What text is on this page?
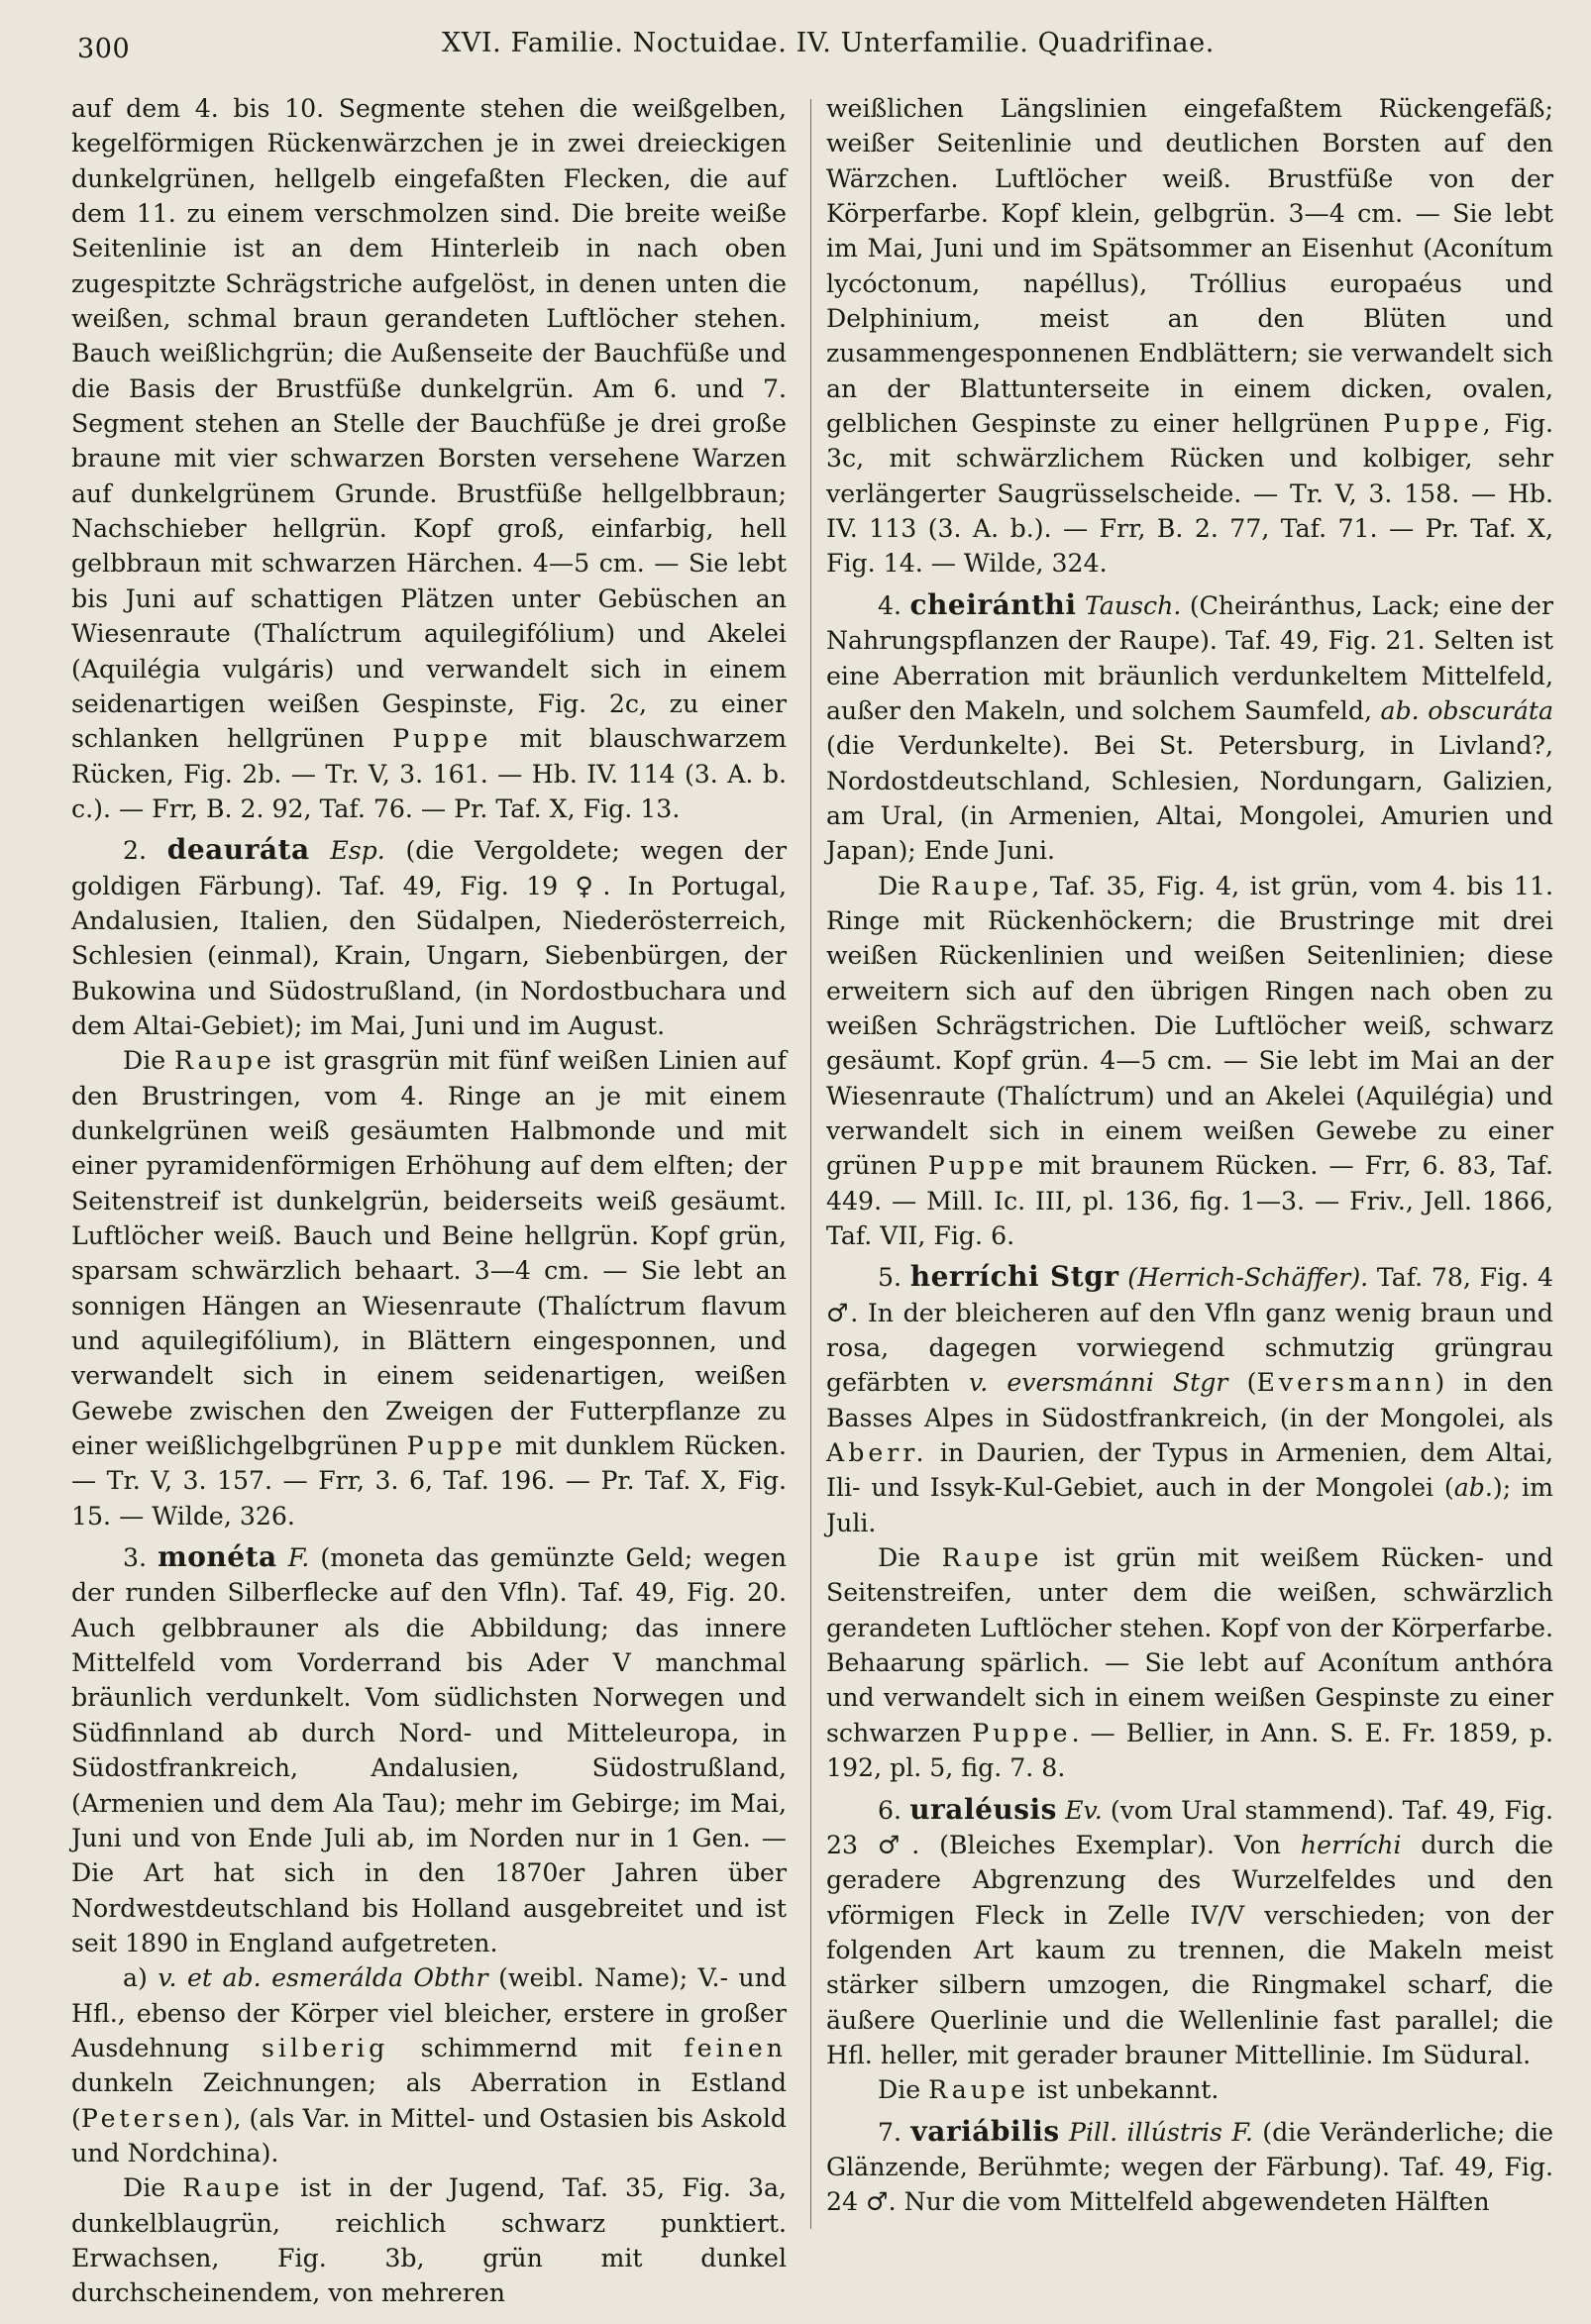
300	XVI. Familie. Noctuidae. IV. Unterfamilie. Quadrifinae.

auf dem 4. bis 10. Segmente stehen die weißgelben, kegelförmigen Rückenwärzchen je in zwei dreieckigen dunkelgrünen, hellgelb eingefaßten Flecken, die auf dem 11. zu einem verschmolzen sind. Die breite weiße Seitenlinie ist an dem Hinterleib in nach oben zugespitzte Schrägstriche aufgelöst, in denen unten die weißen, schmal braun gerandeten Luftlöcher stehen. Bauch weißlichgrün; die Außenseite der Bauchfüße und die Basis der Brustfüße dunkelgrün. Am 6. und 7. Segment stehen an Stelle der Bauchfüße je drei große braune mit vier schwarzen Borsten versehene Warzen auf dunkelgrünem Grunde. Brustfüße hellgelbbraun; Nachschieber hellgrün. Kopf groß, einfarbig, hell gelbbraun mit schwarzen Härchen. 4—5 cm. — Sie lebt bis Juni auf schattigen Plätzen unter Gebüschen an Wiesenraute (Thalíctrum aquilegifólium) und Akelei (Aquilégia vulgáris) und verwandelt sich in einem seidenartigen weißen Gespinste, Fig. 2c, zu einer schlanken hellgrünen Puppe mit blauschwarzem Rücken, Fig. 2b. — Tr. V, 3. 161. — Hb. IV. 114 (3. A. b. c.). — Frr, B. 2. 92, Taf. 76. — Pr. Taf. X, Fig. 13.

2. deauráta Esp. (die Vergoldete; wegen der goldigen Färbung). Taf. 49, Fig. 19 ♀. In Portugal, Andalusien, Italien, den Südalpen, Niederösterreich, Schlesien (einmal), Krain, Ungarn, Siebenbürgen, der Bukowina und Südostrußland, (in Nordostbuchara und dem Altai-Gebiet); im Mai, Juni und im August.

Die Raupe ist grasgrün mit fünf weißen Linien auf den Brustringen, vom 4. Ringe an je mit einem dunkelgrünen weiß gesäumten Halbmonde und mit einer pyramidenförmigen Erhöhung auf dem elften; der Seitenstreif ist dunkelgrün, beiderseits weiß gesäumt. Luftlöcher weiß. Bauch und Beine hellgrün. Kopf grün, sparsam schwärzlich behaart. 3—4 cm. — Sie lebt an sonnigen Hängen an Wiesenraute (Thalíctrum flavum und aquilegifólium), in Blättern eingesponnen, und verwandelt sich in einem seidenartigen, weißen Gewebe zwischen den Zweigen der Futterpflanze zu einer weißlichgelbgrünen Puppe mit dunklem Rücken. — Tr. V, 3. 157. — Frr, 3. 6, Taf. 196. — Pr. Taf. X, Fig. 15. — Wilde, 326.

3. monéta F. (moneta das gemünzte Geld; wegen der runden Silberflecke auf den Vfln). Taf. 49, Fig. 20. Auch gelbbrauner als die Abbildung; das innere Mittelfeld vom Vorderrand bis Ader V manchmal bräunlich verdunkelt. Vom südlichsten Norwegen und Südfinnland ab durch Nord- und Mitteleuropa, in Südostfrankreich, Andalusien, Südostrußland, (Armenien und dem Ala Tau); mehr im Gebirge; im Mai, Juni und von Ende Juli ab, im Norden nur in 1 Gen. — Die Art hat sich in den 1870er Jahren über Nordwestdeutschland bis Holland ausgebreitet und ist seit 1890 in England aufgetreten.

a) v. et ab. esmerálda Obthr (weibl. Name); V.- und Hfl., ebenso der Körper viel bleicher, erstere in großer Ausdehnung silberig schimmernd mit feinen dunkeln Zeichnungen; als Aberration in Estland (Petersen), (als Var. in Mittel- und Ostasien bis Askold und Nordchina).

Die Raupe ist in der Jugend, Taf. 35, Fig. 3a, dunkelblaugrün, reichlich schwarz punktiert. Erwachsen, Fig. 3b, grün mit dunkel durchscheinendem, von mehreren

weißlichen Längslinien eingefaßtem Rückengefäß; weißer Seitenlinie und deutlichen Borsten auf den Wärzchen. Luftlöcher weiß. Brustfüße von der Körperfarbe. Kopf klein, gelbgrün. 3—4 cm. — Sie lebt im Mai, Juni und im Spätsommer an Eisenhut (Aconítum lycóctonum, napéllus), Tróllius europaéus und Delphinium, meist an den Blüten und zusammengesponnenen Endblättern; sie verwandelt sich an der Blattunterseite in einem dicken, ovalen, gelblichen Gespinste zu einer hellgrünen Puppe, Fig. 3c, mit schwärzlichem Rücken und kolbiger, sehr verlängerter Saugrüsselscheide. — Tr. V, 3. 158. — Hb. IV. 113 (3. A. b.). — Frr, B. 2. 77, Taf. 71. — Pr. Taf. X, Fig. 14. — Wilde, 324.

4. cheiránthi Tausch. (Cheiránthus, Lack; eine der Nahrungspflanzen der Raupe). Taf. 49, Fig. 21. Selten ist eine Aberration mit bräunlich verdunkeltem Mittelfeld, außer den Makeln, und solchem Saumfeld, ab. obscuráta (die Verdunkelte). Bei St. Petersburg, in Livland?, Nordostdeutschland, Schlesien, Nordungarn, Galizien, am Ural, (in Armenien, Altai, Mongolei, Amurien und Japan); Ende Juni.

Die Raupe, Taf. 35, Fig. 4, ist grün, vom 4. bis 11. Ringe mit Rückenhöckern; die Brustringe mit drei weißen Rückenlinien und weißen Seitenlinien; diese erweitern sich auf den übrigen Ringen nach oben zu weißen Schrägstrichen. Die Luftlöcher weiß, schwarz gesäumt. Kopf grün. 4—5 cm. — Sie lebt im Mai an der Wiesenraute (Thalíctrum) und an Akelei (Aquilégia) und verwandelt sich in einem weißen Gewebe zu einer grünen Puppe mit braunem Rücken. — Frr, 6. 83, Taf. 449. — Mill. Ic. III, pl. 136, fig. 1—3. — Friv., Jell. 1866, Taf. VII, Fig. 6.

5. herríchi Stgr (Herrich-Schäffer). Taf. 78, Fig. 4 ♂. In der bleicheren auf den Vfln ganz wenig braun und rosa, dagegen vorwiegend schmutzig grüngrau gefärbten v. eversmánni Stgr (Eversmann) in den Basses Alpes in Südostfrankreich, (in der Mongolei, als Aberr. in Daurien, der Typus in Armenien, dem Altai, Ili- und Issyk-Kul-Gebiet, auch in der Mongolei (ab.); im Juli.

Die Raupe ist grün mit weißem Rücken- und Seitenstreifen, unter dem die weißen, schwärzlich gerandeten Luftlöcher stehen. Kopf von der Körperfarbe. Behaarung spärlich. — Sie lebt auf Aconítum anthóra und verwandelt sich in einem weißen Gespinste zu einer schwarzen Puppe. — Bellier, in Ann. S. E. Fr. 1859, p. 192, pl. 5, fig. 7. 8.

6. uraléusis Ev. (vom Ural stammend). Taf. 49, Fig. 23 ♂. (Bleiches Exemplar). Von herríchi durch die geradere Abgrenzung des Wurzelfeldes und den vförmigen Fleck in Zelle IV/V verschieden; von der folgenden Art kaum zu trennen, die Makeln meist stärker silbern umzogen, die Ringmakel scharf, die äußere Querlinie und die Wellenlinie fast parallel; die Hfl. heller, mit gerader brauner Mittellinie. Im Südural.

Die Raupe ist unbekannt.

7. variábilis Pill. illústris F. (die Veränderliche; die Glänzende, Berühmte; wegen der Färbung). Taf. 49, Fig. 24 ♂. Nur die vom Mittelfeld abgewendeten Hälften
